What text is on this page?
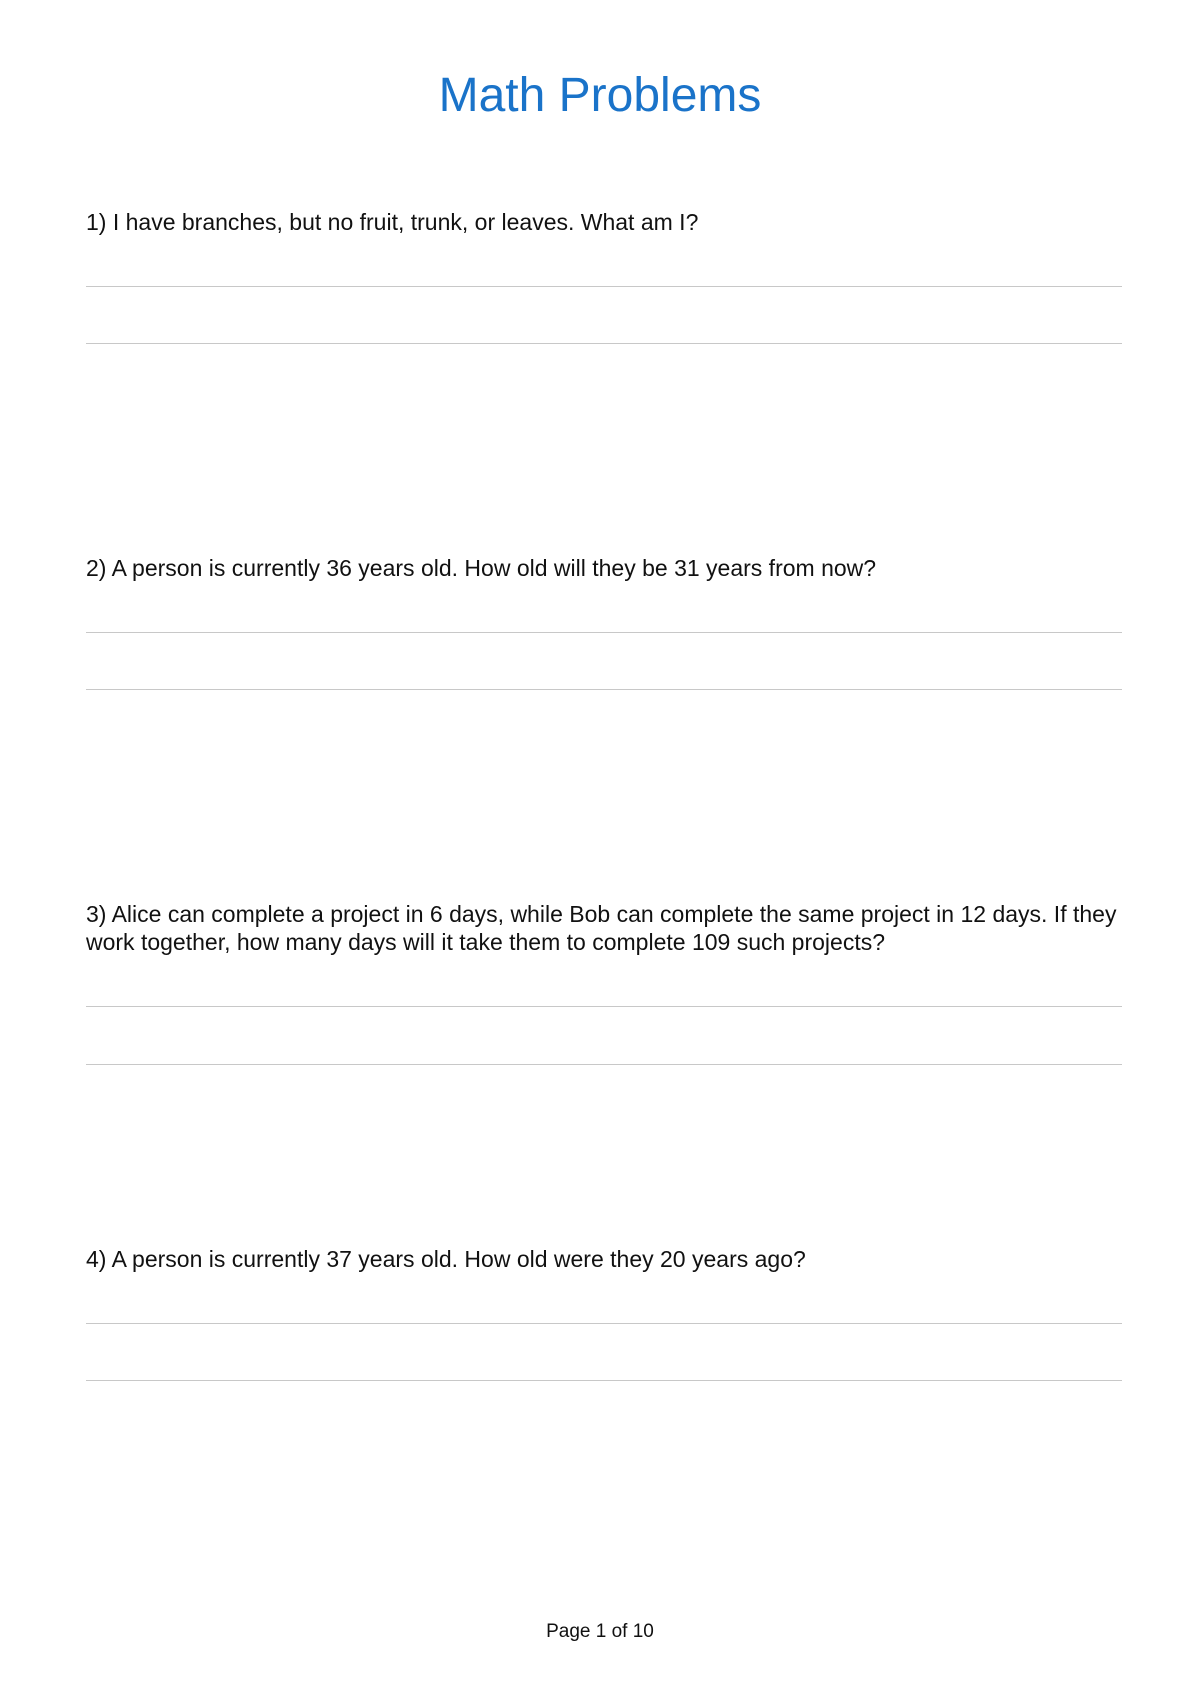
Math Problems

1) I have branches, but no fruit, trunk, or leaves. What am I?

2) A person is currently 36 years old. How old will they be 31 years from now?

3) Alice can complete a project in 6 days, while Bob can complete the same project in 12 days. If they work together, how many days will it take them to complete 109 such projects?

4) A person is currently 37 years old. How old were they 20 years ago?

Page 1 of 10
